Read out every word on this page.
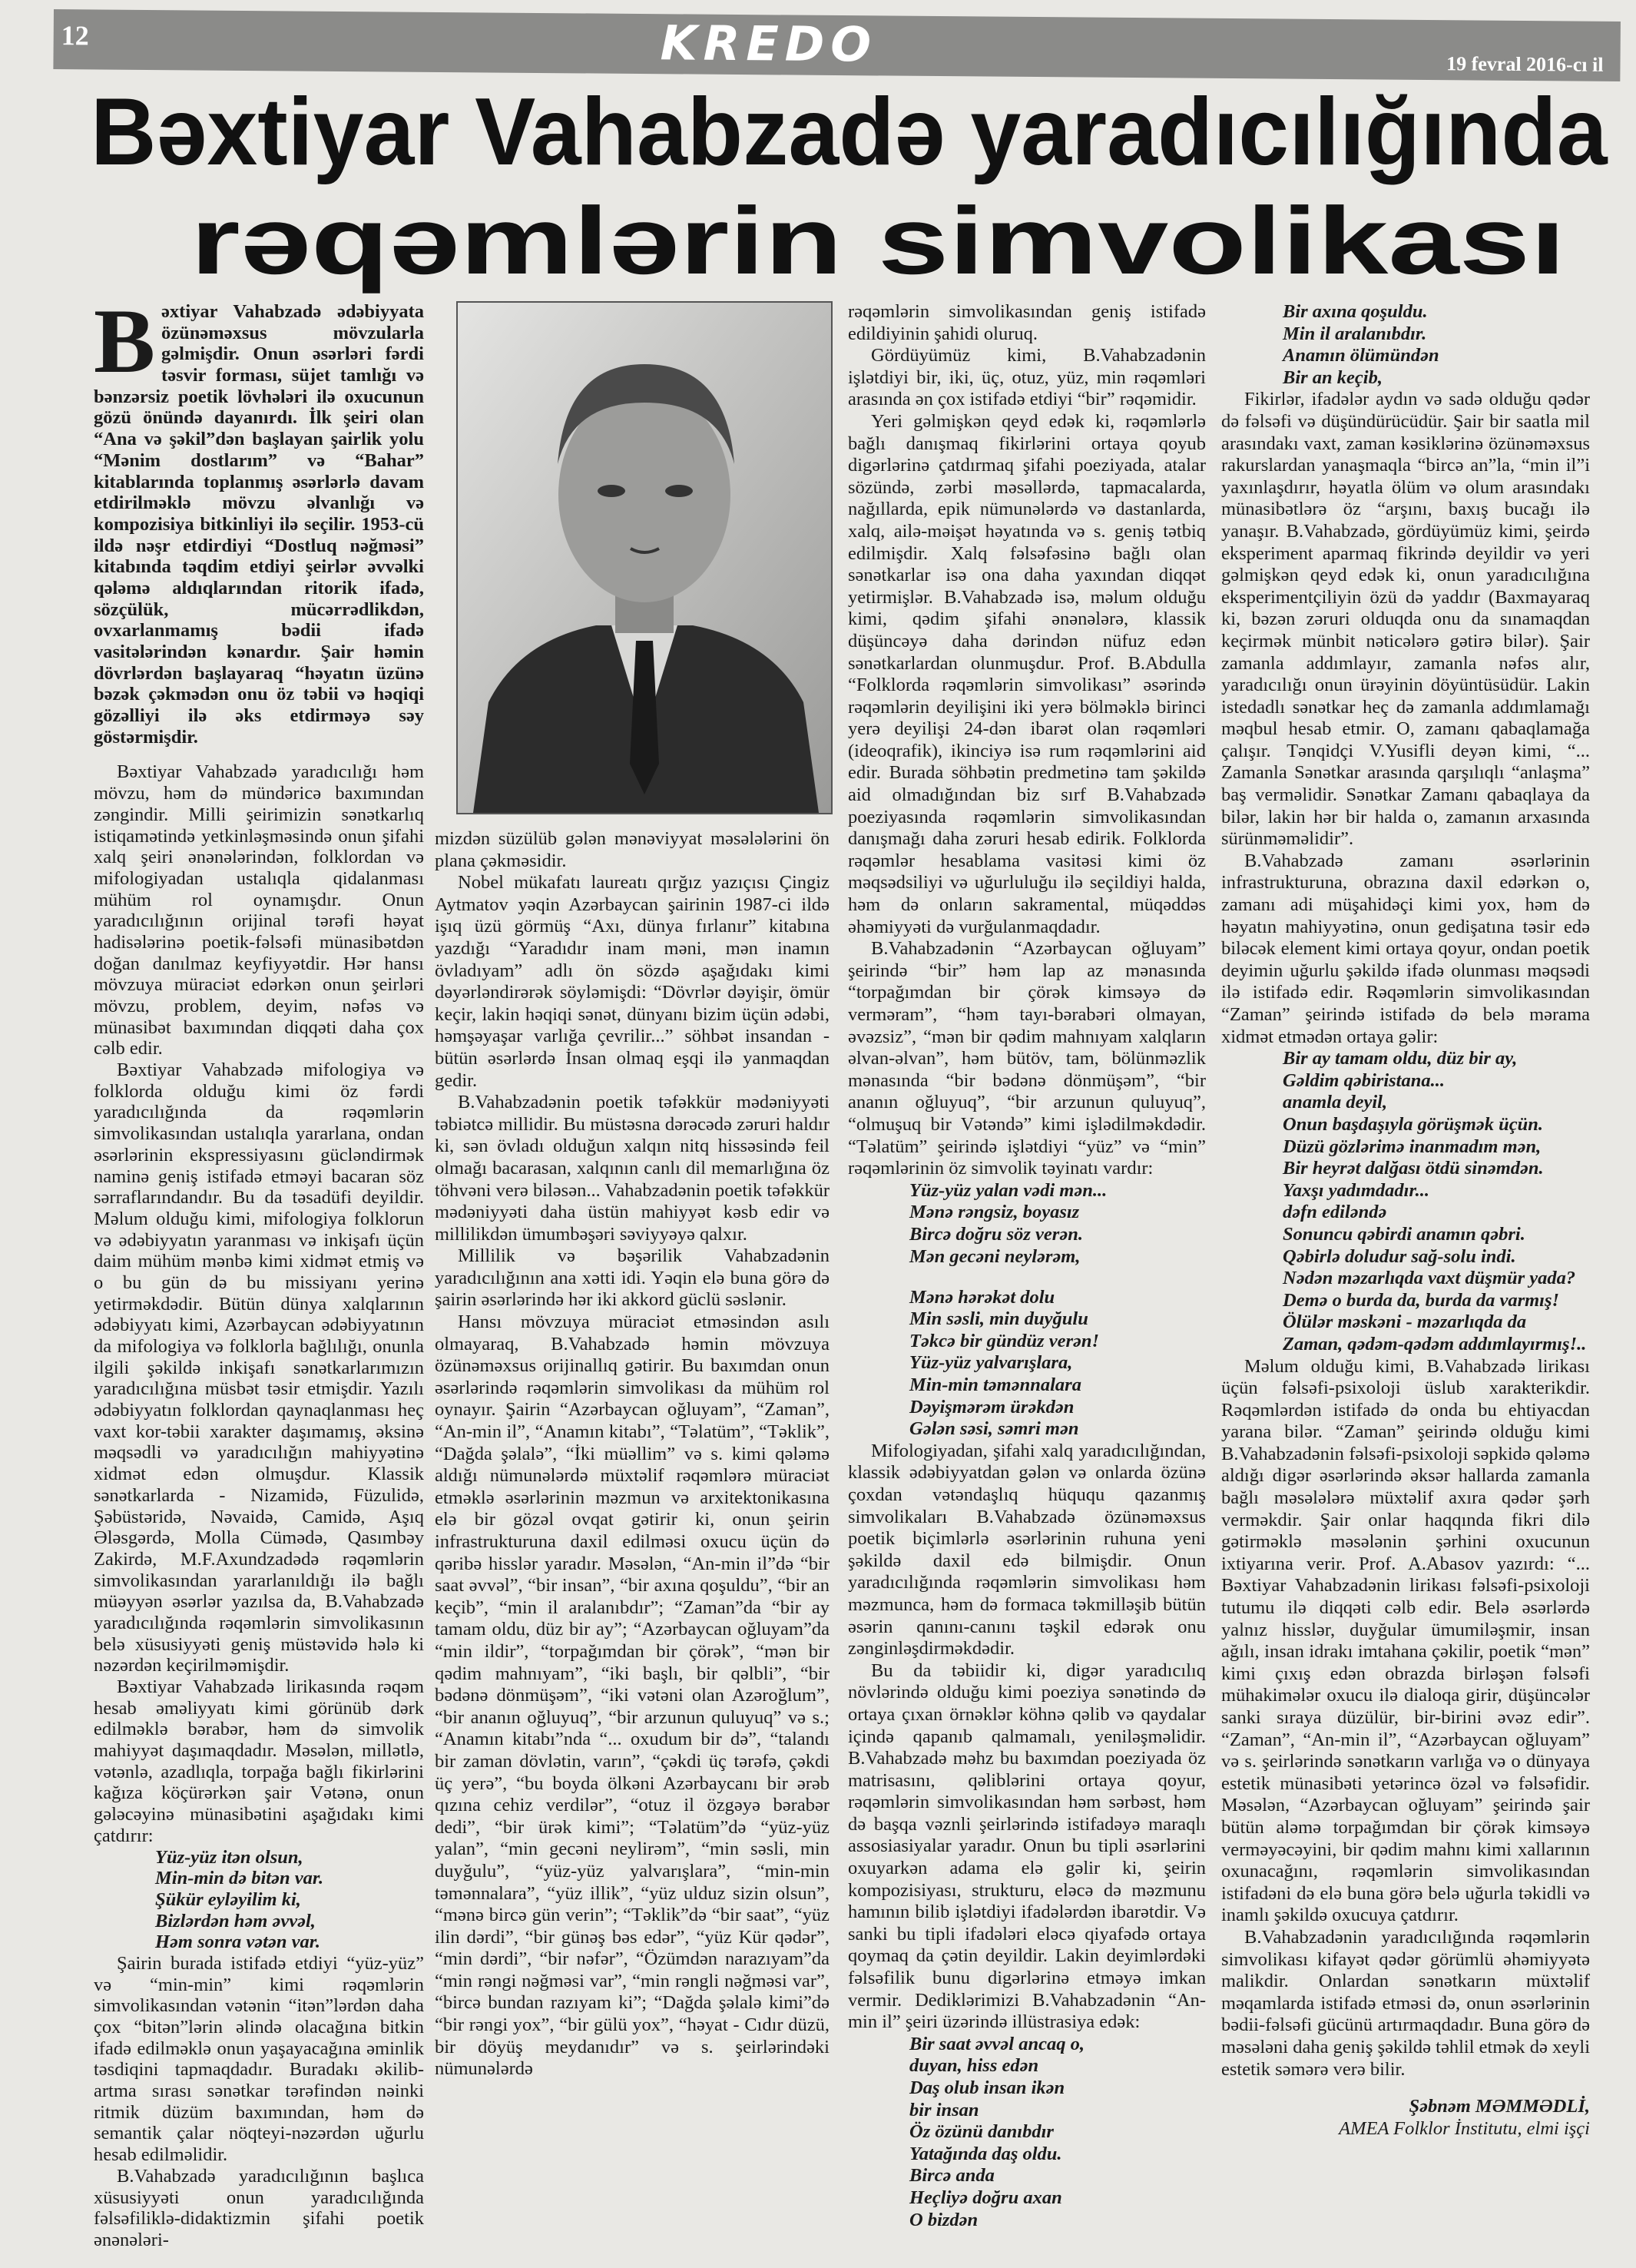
12	KREDO	19 fevral 2016-cı il
Bəxtiyar Vahabzadə yaradıcılığında
rəqəmlərin simvolikası
Bəxtiyar Vahabzadə ədəbiyyata özünəməxsus mövzularla gəlmişdir. Onun əsərləri fərdi təsvir forması, süjet tamlığı və bənzərsiz poetik lövhələri ilə oxucunun gözü önündə dayanırdı. İlk şeiri olan “Ana və şəkil”dən başlayan şairlik yolu “Mənim dostlarım” və “Bahar” kitablarında toplanmış əsərlərlə davam etdirilməklə mövzu əlvanlığı və kompozisiya bitkinliyi ilə seçilir. 1953-cü ildə nəşr etdirdiyi “Dostluq nəğməsi” kitabında təqdim etdiyi şeirlər əvvəlki qələmə aldıqlarından ritorik ifadə, sözçülük, mücərrədlikdən, ovxarlanmamış bədii ifadə vasitələrindən kənardır. Şair həmin dövrlərdən başlayaraq “həyatın üzünə bəzək çəkmədən onu öz təbii və həqiqi gözəlliyi ilə əks etdirməyə səy göstərmişdir.

Bəxtiyar Vahabzadə yaradıcılığı həm mövzu, həm də mündəricə baxımından zəngindir. Milli şeirimizin sənətkarlıq istiqamətində yetkinləşməsində onun şifahi xalq şeiri ənənələrindən, folklordan və mifologiyadan ustalıqla qidalanması mühüm rol oynamışdır. Onun yaradıcılığının orijinal tərəfi həyat hadisələrinə poetik-fəlsəfi münasibətdən doğan danılmaz keyfiyyətdir. Hər hansı mövzuya müraciət edərkən onun şeirləri mövzu, problem, deyim, nəfəs və münasibət baxımından diqqəti daha çox cəlb edir.

Bəxtiyar Vahabzadə mifologiya və folklorda olduğu kimi öz fərdi yaradıcılığında da rəqəmlərin simvolikasından ustalıqla yararlana, ondan əsərlərinin ekspressiyasını gücləndirmək naminə geniş istifadə etməyi bacaran söz sərraflarındandır. Bu da təsadüfi deyildir. Məlum olduğu kimi, mifologiya folklorun və ədəbiyyatın yaranması və inkişafı üçün daim mühüm mənbə kimi xidmət etmiş və o bu gün də bu missiyanı yerinə yetirməkdədir. Bütün dünya xalqlarının ədəbiyyatı kimi, Azərbaycan ədəbiyyatının da mifologiya və folklorla bağlılığı, onunla ilgili şəkildə inkişafı sənətkarlarımızın yaradıcılığına müsbət təsir etmişdir. Yazılı ədəbiyyatın folklordan qaynaqlanması heç vaxt kor-təbii xarakter daşımamış, əksinə məqsədli və yaradıcılığın mahiyyətinə xidmət edən olmuşdur. Klassik sənətkarlarda - Nizamidə, Füzulidə, Şəbüstəridə, Nəvaidə, Camidə, Aşıq Ələsgərdə, Molla Cümədə, Qasımbəy Zakirdə, M.F.Axundzadədə rəqəmlərin simvolikasından yararlanıldığı ilə bağlı müəyyən əsərlər yazılsa da, B.Vahabzadə yaradıcılığında rəqəmlərin simvolikasının belə xüsusiyyəti geniş müstəvidə hələ ki nəzərdən keçirilməmişdir.

Bəxtiyar Vahabzadə lirikasında rəqəm hesab əməliyyatı kimi görünüb dərk edilməklə bərabər, həm də simvolik mahiyyət daşımaqdadır. Məsələn, millətlə, vətənlə, azadlıqla, torpağa bağlı fikirlərini kağıza köçürərkən şair Vətənə, onun gələcəyinə münasibətini aşağıdakı kimi çatdırır:

Yüz-yüz itən olsun,
Min-min də bitən var.
Şükür eyləyilim ki,
Bizlərdən həm əvvəl,
Həm sonra vətən var.

Şairin burada istifadə etdiyi “yüz-yüz” və “min-min” kimi rəqəmlərin simvolikasından vətənin “itən”lərdən daha çox “bitən”lərin əlində olacağına bitkin ifadə edilməklə onun yaşayacağına əminlik təsdiqini tapmaqdadır. Buradakı əkilib-artma sırası sənətkar tərəfindən nəinki ritmik düzüm baxımından, həm də semantik çalar nöqteyi-nəzərdən uğurlu hesab edilməlidir.

B.Vahabzadə yaradıcılığının başlıca xüsusiyyəti onun yaradıcılığında fəlsəfiliklə-didaktizmin şifahi poetik ənənələri-

mizdən süzülüb gələn mənəviyyat məsələlərini ön plana çəkməsidir.

Nobel mükafatı laureatı qırğız yazıçısı Çingiz Aytmatov yəqin Azərbaycan şairinin 1987-ci ildə işıq üzü görmüş “Axı, dünya fırlanır” kitabına yazdığı “Yaradıdır inam məni, mən inamın övladıyam” adlı ön sözdə aşağıdakı kimi dəyərləndirərək söyləmişdi: “Dövrlər dəyişir, ömür keçir, lakin həqiqi sənət, dünyanı bizim üçün ədəbi, həmşəyaşar varlığa çevrilir...” söhbət insandan - bütün əsərlərdə İnsan olmaq eşqi ilə yanmaqdan gedir.

B.Vahabzadənin poetik təfəkkür mədəniyyəti təbiətcə millidir. Bu müstəsna dərəcədə zəruri haldır ki, sən övladı olduğun xalqın nitq hissəsində feil olmağı bacarasan, xalqının canlı dil memarlığına öz töhvəni verə biləsən... Vahabzadənin poetik təfəkkür mədəniyyəti daha üstün mahiyyət kəsb edir və millilikdən ümumbəşəri səviyyəyə qalxır.

Millilik və bəşərilik Vahabzadənin yaradıcılığının ana xətti idi. Yəqin elə buna görə də şairin əsərlərində hər iki akkord güclü səslənir.

Hansı mövzuya müraciət etməsindən asılı olmayaraq, B.Vahabzadə həmin mövzuya özünəməxsus orijinallıq gətirir. Bu baxımdan onun əsərlərində rəqəmlərin simvolikası da mühüm rol oynayır. Şairin “Azərbaycan oğluyam”, “Zaman”, “An-min il”, “Anamın kitabı”, “Təlatüm”, “Təklik”, “Dağda şəlalə”, “İki müəllim” və s. kimi qələmə aldığı nümunələrdə müxtəlif rəqəmlərə müraciət etməklə əsərlərinin məzmun və arxitektonikasına elə bir gözəl ovqat gətirir ki, onun şeirin infrastrukturuna daxil edilməsi oxucu üçün də qəribə hisslər yaradır. Məsələn, “An-min il”də “bir saat əvvəl”, “bir insan”, “bir axına qoşuldu”, “bir an keçib”, “min il aralanıbdır”; “Zaman”da “bir ay tamam oldu, düz bir ay”; “Azərbaycan oğluyam”da “min ildir”, “torpağımdan bir çörək”, “mən bir qədim mahnıyam”, “iki başlı, bir qəlbli”, “bir bədənə dönmüşəm”, “iki vətəni olan Azəroğlum”, “bir ananın oğluyuq”, “bir arzunun quluyuq” və s.; “Anamın kitabı”nda “... oxudum bir də”, “talandı bir zaman dövlətin, varın”, “çəkdi üç tərəfə, çəkdi üç yerə”, “bu boyda ölkəni Azərbaycanı bir ərəb qızına cehiz verdilər”, “otuz il özgəyə bərabər dedi”, “bir ürək kimi”; “Təlatüm”də “yüz-yüz yalan”, “min gecəni neylirəm”, “min səsli, min duyğulu”, “yüz-yüz yalvarışlara”, “min-min təmənnalara”, “yüz illik”, “yüz ulduz sizin olsun”, “mənə bircə gün verin”; “Təklik”də “bir saat”, “yüz ilin dərdi”, “bir günəş bəs edər”, “yüz Kür qədər”, “min dərdi”, “bir nəfər”, “Özümdən narazıyam”da “min rəngi nəğməsi var”, “min rəngli nəğməsi var”, “bircə bundan razıyam ki”; “Dağda şəlalə kimi”də “bir rəngi yox”, “bir gülü yox”, “həyat - Cıdır düzü, bir döyüş meydanıdır” və s. şeirlərindəki nümunələrdə

rəqəmlərin simvolikasından geniş istifadə edildiyinin şahidi oluruq.

Gördüyümüz kimi, B.Vahabzadənin işlətdiyi bir, iki, üç, otuz, yüz, min rəqəmləri arasında ən çox istifadə etdiyi “bir” rəqəmidir.

Yeri gəlmişkən qeyd edək ki, rəqəmlərlə bağlı danışmaq fikirlərini ortaya qoyub digərlərinə çatdırmaq şifahi poeziyada, atalar sözündə, zərbi məsəllərdə, tapmacalarda, nağıllarda, epik nümunələrdə və dastanlarda, xalq, ailə-məişət həyatında və s. geniş tətbiq edilmişdir. Xalq fəlsəfəsinə bağlı olan sənətkarlar isə ona daha yaxından diqqət yetirmişlər. B.Vahabzadə isə, məlum olduğu kimi, qədim şifahi ənənələrə, klassik düşüncəyə daha dərindən nüfuz edən sənətkarlardan olunmuşdur. Prof. B.Abdulla “Folklorda rəqəmlərin simvolikası” əsərində rəqəmlərin deyilişini iki yerə bölməklə birinci yerə deyilişi 24-dən ibarət olan rəqəmləri (ideoqrafik), ikinciyə isə rum rəqəmlərini aid edir. Burada söhbətin predmetinə tam şəkildə aid olmadığından biz sırf B.Vahabzadə poeziyasında rəqəmlərin simvolikasından danışmağı daha zəruri hesab edirik. Folklorda rəqəmlər hesablama vasitəsi kimi öz məqsədsiliyi və uğurluluğu ilə seçildiyi halda, həm də onların sakramental, müqəddəs əhəmiyyəti də vurğulanmaqdadır.

B.Vahabzadənin “Azərbaycan oğluyam” şeirində “bir” həm lap az mənasında “torpağımdan bir çörək kimsəyə də verməram”, “həm tayı-bərabəri olmayan, əvəzsiz”, “mən bir qədim mahnıyam xalqların əlvan-əlvan”, həm bütöv, tam, bölünməzlik mənasında “bir bədənə dönmüşəm”, “bir ananın oğluyuq”, “bir arzunun quluyuq”, “olmuşuq bir Vətəndə” kimi işlədilməkdədir. “Təlatüm” şeirində işlətdiyi “yüz” və “min” rəqəmlərinin öz simvolik təyinatı vardır:

Yüz-yüz yalan vədi mən...
Mənə rəngsiz, boyasız
Bircə doğru söz verən.
Mən gecəni neylərəm,
Mənə hərəkət dolu
Min səsli, min duyğulu
Təkcə bir gündüz verən!
Yüz-yüz yalvarışlara,
Min-min təmənnalara
Dəyişmərəm ürəkdən
Gələn səsi, səmri mən

Mifologiyadan, şifahi xalq yaradıcılığından, klassik ədəbiyyatdan gələn və onlarda özünə çoxdan vətəndaşlıq hüququ qazanmış simvolikaları B.Vahabzadə özünəməxsus poetik biçimlərlə əsərlərinin ruhuna yeni şəkildə daxil edə bilmişdir. Onun yaradıcılığında rəqəmlərin simvolikası həm məzmunca, həm də formaca təkmilləşib bütün əsərin qanını-canını təşkil edərək onu zənginləşdirməkdədir.

Bu da təbiidir ki, digər yaradıcılıq növlərində olduğu kimi poeziya sənətində də ortaya çıxan örnəklər köhnə qəlib və qaydalar içində qapanıb qalmamalı, yeniləşməlidir. B.Vahabzadə məhz bu baxımdan poeziyada öz matrisasını, qəliblərini ortaya qoyur, rəqəmlərin simvolikasından həm sərbəst, həm də başqa vəznli şeirlərində istifadəyə maraqlı assosiasiyalar yaradır. Onun bu tipli əsərlərini oxuyarkən adama elə gəlir ki, şeirin kompozisiyası, strukturu, eləcə də məzmunu hamının bilib işlətdiyi ifadələrdən ibarətdir. Və sanki bu tipli ifadələri eləcə qiyafədə ortaya qoymaq da çətin deyildir. Lakin deyimlərdəki fəlsəfilik bunu digərlərinə etməyə imkan vermir. Dediklərimizi B.Vahabzadənin “An-min il” şeiri üzərində illüstrasiya edək:

Bir saat əvvəl ancaq o,
duyan, hiss edən
Daş olub insan ikən
bir insan
Öz özünü danıbdır
Yatağında daş oldu.
Bircə anda
Heçliyə doğru axan
O bizdən
Bir axına qoşuldu.
Min il aralanıbdır.
Anamın ölümündən
Bir an keçib,

Fikirlər, ifadələr aydın və sadə olduğu qədər də fəlsəfi və düşündürücüdür. Şair bir saatla mil arasındakı vaxt, zaman kəsiklərinə özünəməxsus rakurslardan yanaşmaqla “bircə an”la, “min il”i yaxınlaşdırır, həyatla ölüm və olum arasındakı münasibətlərə öz “arşını, baxış bucağı ilə yanaşır. B.Vahabzadə, gördüyümüz kimi, şeirdə eksperiment aparmaq fikrində deyildir və yeri gəlmişkən qeyd edək ki, onun yaradıcılığına eksperimentçiliyin özü də yaddır (Baxmayaraq ki, bəzən zəruri olduqda onu da sınamaqdan keçirmək münbit nəticələrə gətirə bilər). Şair zamanla addımlayır, zamanla nəfəs alır, yaradıcılığı onun ürəyinin döyüntüsüdür. Lakin istedadlı sənətkar heç də zamanla addımlamağı məqbul hesab etmir. O, zamanı qabaqlamağa çalışır. Tənqidçi V.Yusifli deyən kimi, “... Zamanla Sənətkar arasında qarşılıqlı “anlaşma” baş verməlidir. Sənətkar Zamanı qabaqlaya da bilər, lakin hər bir halda o, zamanın arxasında sürünməməlidir”.

B.Vahabzadə zamanı əsərlərinin infrastrukturuna, obrazına daxil edərkən o, zamanı adi müşahidəçi kimi yox, həm də həyatın mahiyyətinə, onun gedişatına təsir edə biləcək element kimi ortaya qoyur, ondan poetik deyimin uğurlu şəkildə ifadə olunması məqsədi ilə istifadə edir. Rəqəmlərin simvolikasından “Zaman” şeirində istifadə də belə məramа xidmət etmədən ortaya gəlir:

Bir ay tamam oldu, düz bir ay,
Gəldim qəbiristana...
anamla deyil,
Onun başdaşıyla görüşmək üçün.
Düzü gözlərimə inanmadım mən,
Bir heyrət dalğası ötdü sinəmdən.
Yaxşı yadımdadır...
dəfn ediləndə
Sonuncu qəbirdi anamın qəbri.
Qəbirlə doludur sağ-solu indi.
Nədən məzarlıqda vaxt düşmür yada?
Demə o burda da, burda da varmış!
Ölülər məskəni - məzarlıqda da
Zaman, qədəm-qədəm addımlayırmış!..

Məlum olduğu kimi, B.Vahabzadə lirikası üçün fəlsəfi-psixoloji üslub xarakterikdir. Rəqəmlərdən istifadə də onda bu ehtiyacdan yarana bilər. “Zaman” şeirində olduğu kimi B.Vahabzadənin fəlsəfi-psixoloji səpkidə qələmə aldığı digər əsərlərində əksər hallarda zamanla bağlı məsələlərə müxtəlif axıra qədər şərh verməkdir. Şair onlar haqqında fikri dilə gətirməklə məsələnin şərhini oxucunun ixtiyarına verir. Prof. A.Abasov yazırdı: “... Bəxtiyar Vahabzadənin lirikası fəlsəfi-psixoloji tutumu ilə diqqəti cəlb edir. Belə əsərlərdə yalnız hisslər, duyğular ümumiləşmir, insan ağılı, insan idrakı imtahana çəkilir, poetik “mən” kimi çıxış edən obrazda birləşən fəlsəfi mühakimələr oxucu ilə dialoqa girir, düşüncələr sanki sıraya düzülür, bir-birini əvəz edir”. “Zaman”, “An-min il”, “Azərbaycan oğluyam” və s. şeirlərində sənətkarın varlığa və o dünyaya estetik münasibəti yetərincə özəl və fəlsəfidir. Məsələn, “Azərbaycan oğluyam” şeirində şair bütün aləmə torpağımdan bir çörək kimsəyə verməyəcəyini, bir qədim mahnı kimi xallarının oxunacağını, rəqəmlərin simvolikasından istifadəni də elə buna görə belə uğurla təkidli və inamlı şəkildə oxucuya çatdırır.

B.Vahabzadənin yaradıcılığında rəqəmlərin simvolikası kifayət qədər görümlü əhəmiyyətə malikdir. Onlardan sənətkarın müxtəlif məqamlarda istifadə etməsi də, onun əsərlərinin bədii-fəlsəfi gücünü artırmaqdadır. Buna görə də məsələni daha geniş şəkildə təhlil etmək də xeyli estetik səmərə verə bilir.

Şəbnəm MƏMMƏDLİ,
AMEA Folklor İnstitutu, elmi işçi
